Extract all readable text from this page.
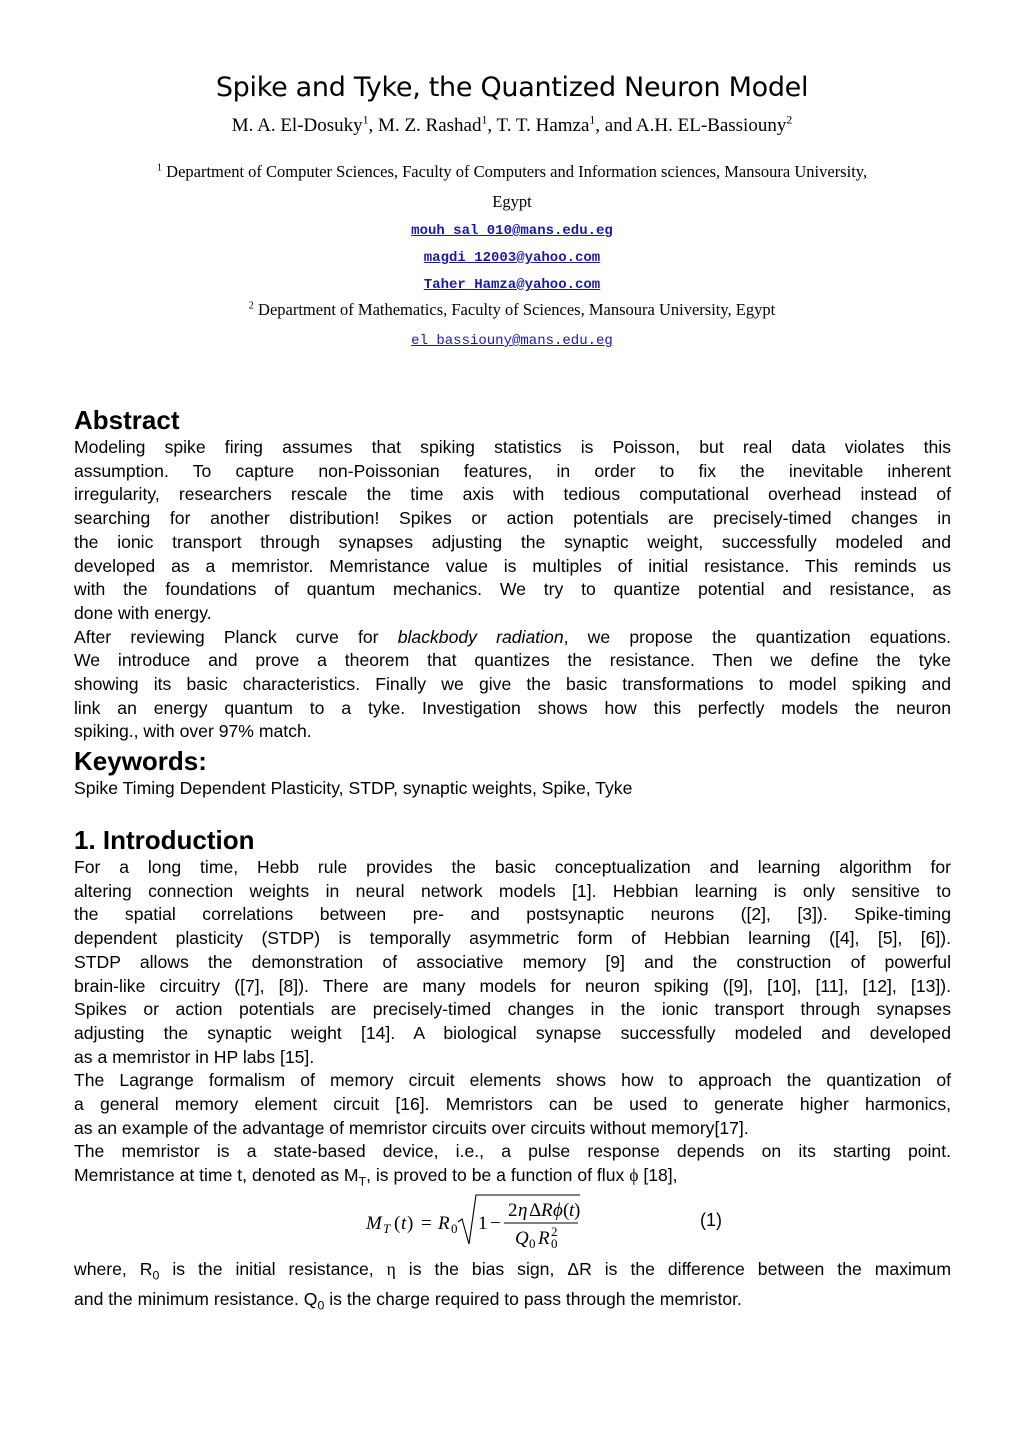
Spike and Tyke, the Quantized Neuron Model
M. A. El-Dosuky$^1$, M. Z. Rashad$^1$, T. T. Hamza$^1$, and A.H. EL-Bassiouny$^2$
$^1$ Department of Computer Sciences, Faculty of Computers and Information sciences, Mansoura University,
Egypt
mouh_sal_010@mans.edu.eg
magdi_12003@yahoo.com
Taher_Hamza@yahoo.com
$^2$ Department of Mathematics, Faculty of Sciences, Mansoura University, Egypt
el_bassiouny@mans.edu.eg
Abstract
Modeling spike firing assumes that spiking statistics is Poisson, but real data violates this
assumption. To capture non-Poissonian features, in order to fix the inevitable inherent
irregularity, researchers rescale the time axis with tedious computational overhead instead of
searching for another distribution! Spikes or action potentials are precisely-timed changes in
the ionic transport through synapses adjusting the synaptic weight, successfully modeled and
developed as a memristor. Memristance value is multiples of initial resistance. This reminds us
with the foundations of quantum mechanics. We try to quantize potential and resistance, as
done with energy.
After reviewing Planck curve for blackbody radiation, we propose the quantization equations.
We introduce and prove a theorem that quantizes the resistance. Then we define the tyke
showing its basic characteristics. Finally we give the basic transformations to model spiking and
link an energy quantum to a tyke. Investigation shows how this perfectly models the neuron
spiking., with over 97% match.
Keywords:
Spike Timing Dependent Plasticity, STDP, synaptic weights, Spike, Tyke
1. Introduction
For a long time, Hebb rule provides the basic conceptualization and learning algorithm for
altering connection weights in neural network models [1]. Hebbian learning is only sensitive to
the spatial correlations between pre- and postsynaptic neurons ([2], [3]). Spike-timing
dependent plasticity (STDP) is temporally asymmetric form of Hebbian learning ([4], [5], [6]).
STDP allows the demonstration of associative memory [9] and the construction of powerful
brain-like circuitry ([7], [8]). There are many models for neuron spiking ([9], [10], [11], [12], [13]).
Spikes or action potentials are precisely-timed changes in the ionic transport through synapses
adjusting the synaptic weight [14]. A biological synapse successfully modeled and developed
as a memristor in HP labs [15].
The Lagrange formalism of memory circuit elements shows how to approach the quantization of
a general memory element circuit [16]. Memristors can be used to generate higher harmonics,
as an example of the advantage of memristor circuits over circuits without memory[17].
The memristor is a state-based device, i.e., a pulse response depends on its starting point.
Memristance at time t, denoted as $M_T$, is proved to be a function of flux ϕ [18],
M T ( t ) = R 0 1 −
2 η Δ R ϕ ( t )
Q 0 R 2
0
(1)
where, $R_0$ is the initial resistance, η is the bias sign, ΔR is the difference between the maximum
and the minimum resistance. $Q_0$ is the charge required to pass through the memristor.
